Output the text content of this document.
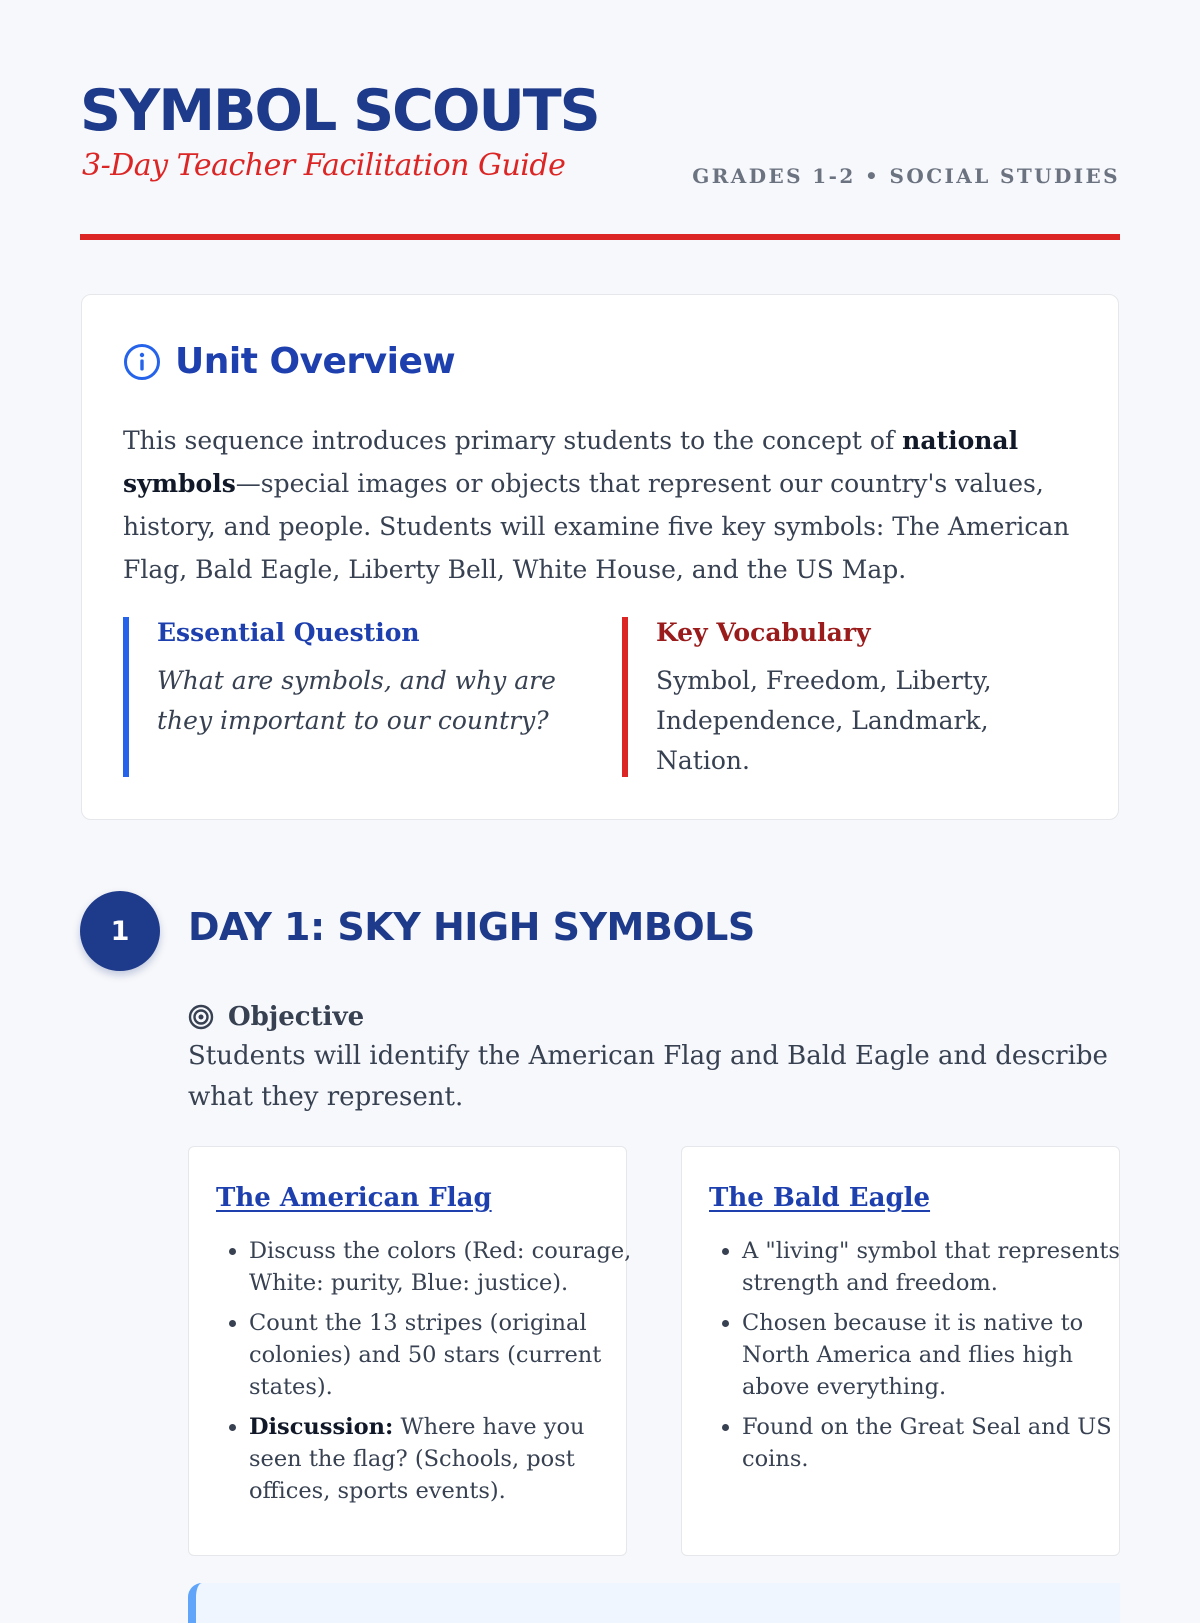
SYMBOL SCOUTS
3-Day Teacher Facilitation Guide	GRADES 1-2 • SOCIAL STUDIES
Unit Overview
This sequence introduces primary students to the concept of national symbols—special images or objects that represent our country's values, history, and people. Students will examine five key symbols: The American Flag, Bald Eagle, Liberty Bell, White House, and the US Map.
Essential Question
What are symbols, and why are they important to our country?
Key Vocabulary
Symbol, Freedom, Liberty, Independence, Landmark, Nation.
1	DAY 1: SKY HIGH SYMBOLS
Objective
Students will identify the American Flag and Bald Eagle and describe what they represent.
The American Flag
• Discuss the colors (Red: courage, White: purity, Blue: justice).
• Count the 13 stripes (original colonies) and 50 stars (current states).
• Discussion: Where have you seen the flag? (Schools, post offices, sports events).
The Bald Eagle
• A "living" symbol that represents strength and freedom.
• Chosen because it is native to North America and flies high above everything.
• Found on the Great Seal and US coins.
